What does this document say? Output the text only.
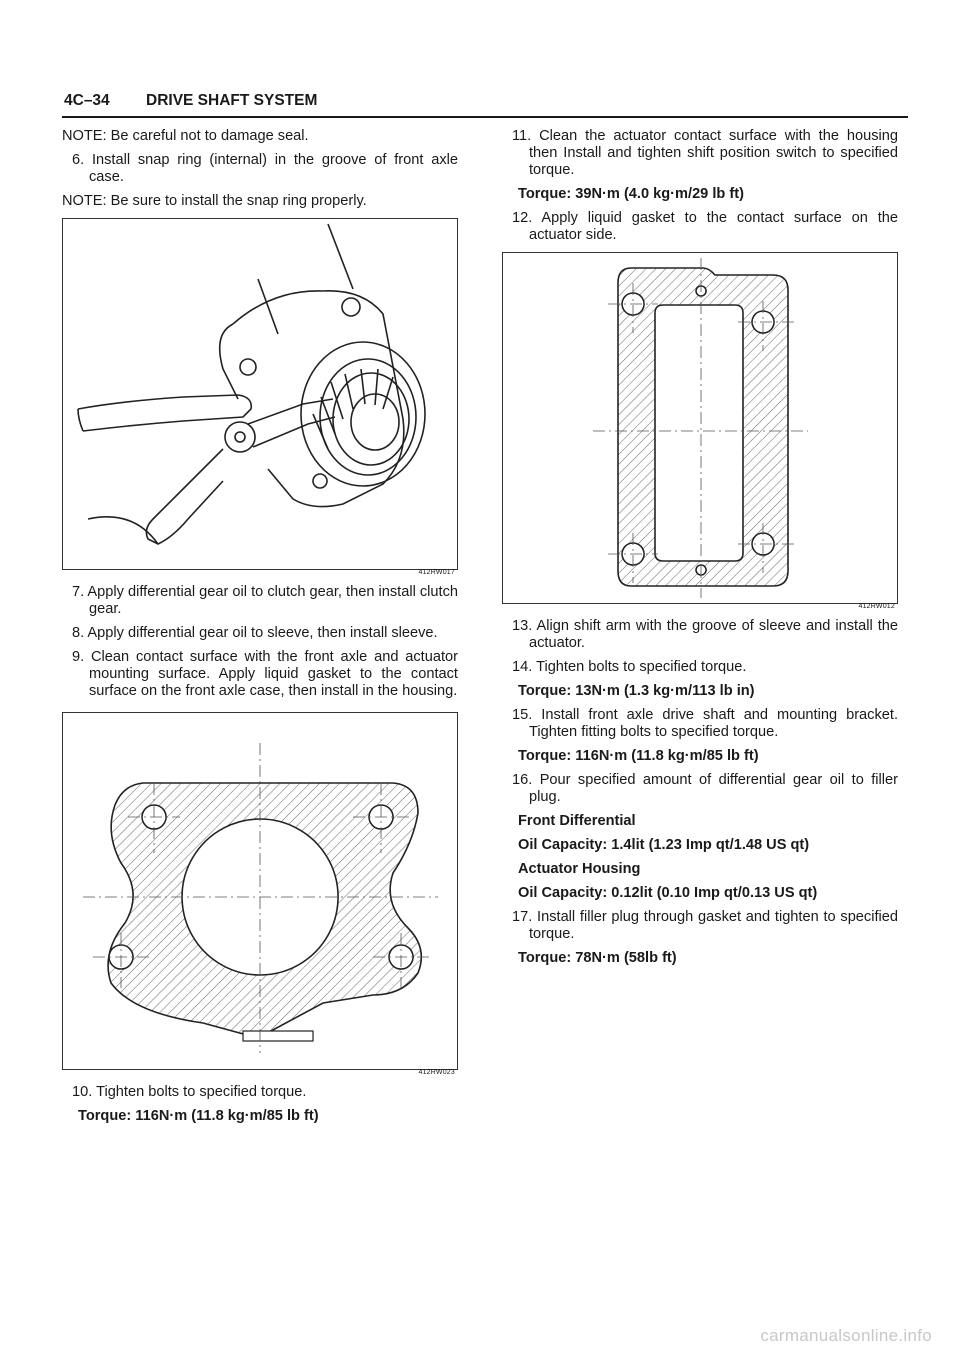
4C–34 DRIVE SHAFT SYSTEM

NOTE: Be careful not to damage seal.

6. Install snap ring (internal) in the groove of front axle case.

NOTE: Be sure to install the snap ring properly.

412RW017

7. Apply differential gear oil to clutch gear, then install clutch gear.

8. Apply differential gear oil to sleeve, then install sleeve.

9. Clean contact surface with the front axle and actuator mounting surface. Apply liquid gasket to the contact surface on the front axle case, then install in the housing.

412RW023

10. Tighten bolts to specified torque.

Torque: 116N·m (11.8 kg·m/85 lb ft)

11. Clean the actuator contact surface with the housing then Install and tighten shift position switch to specified torque.

Torque: 39N·m (4.0 kg·m/29 lb ft)

12. Apply liquid gasket to the contact surface on the actuator side.

412RW012

13. Align shift arm with the groove of sleeve and install the actuator.

14. Tighten bolts to specified torque.

Torque: 13N·m (1.3 kg·m/113 lb in)

15. Install front axle drive shaft and mounting bracket. Tighten fitting bolts to specified torque.

Torque: 116N·m (11.8 kg·m/85 lb ft)

16. Pour specified amount of differential gear oil to filler plug.

Front Differential

Oil Capacity: 1.4lit (1.23 Imp qt/1.48 US qt)

Actuator Housing

Oil Capacity: 0.12lit (0.10 Imp qt/0.13 US qt)

17. Install filler plug through gasket and tighten to specified torque.

Torque: 78N·m (58lb ft)

carmanualsonline.info
